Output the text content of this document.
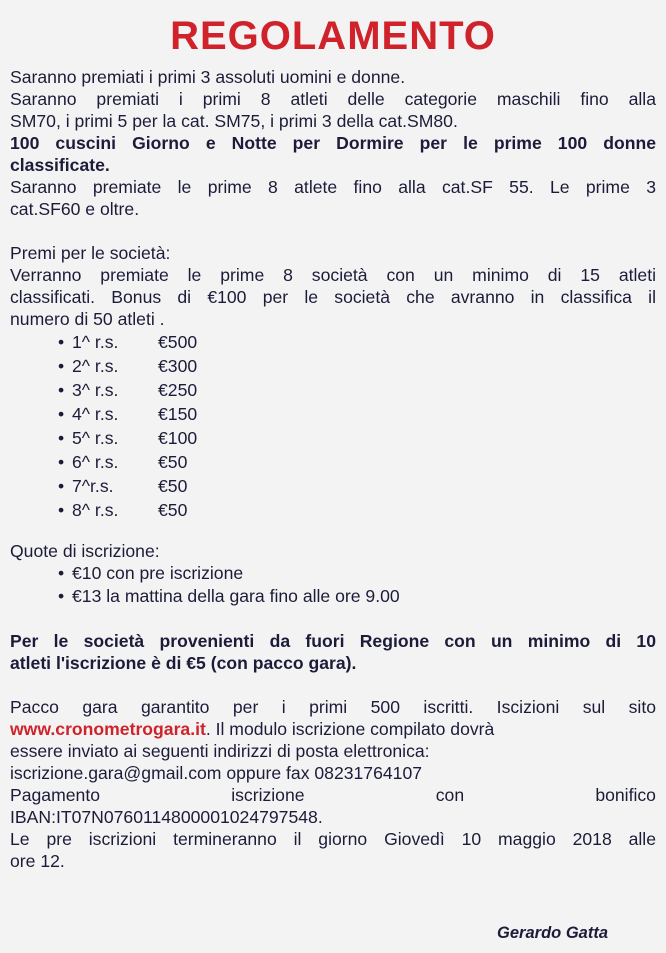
REGOLAMENTO

Saranno premiati i primi 3 assoluti uomini e donne.

Saranno premiati i primi 8 atleti delle categorie maschili fino alla

SM70, i primi 5 per la cat. SM75, i primi 3 della cat.SM80.

100 cuscini Giorno e Notte per Dormire per le prime 100 donne

classificate.

Saranno premiate le prime 8 atlete fino alla cat.SF 55. Le prime 3

cat.SF60 e oltre.

Premi per le società:

Verranno premiate le prime 8 società con un minimo di 15 atleti

classificati. Bonus di €100 per le società che avranno in classifica il

numero di 50 atleti .

• 1^ r.s.	€500
• 2^ r.s.	€300
• 3^ r.s.	€250
• 4^ r.s.	€150
• 5^ r.s.	€100
• 6^ r.s.	€50
• 7^r.s.	€50
• 8^ r.s.	€50

Quote di iscrizione:

• €10 con pre iscrizione
• €13 la mattina della gara fino alle ore 9.00

Per le società provenienti da fuori Regione con un minimo di 10

atleti l'iscrizione è di €5 (con pacco gara).

Pacco gara garantito per i primi 500 iscritti. Iscizioni sul sito

www.cronometrogara.it. Il modulo iscrizione compilato dovrà

essere inviato ai seguenti indirizzi di posta elettronica:

iscrizione.gara@gmail.com oppure fax 08231764107

Pagamento	iscrizione	con	bonifico

IBAN:IT07N0760114800001024797548.

Le pre iscrizioni termineranno il giorno Giovedì 10 maggio 2018 alle

ore 12.

Gerardo Gatta
